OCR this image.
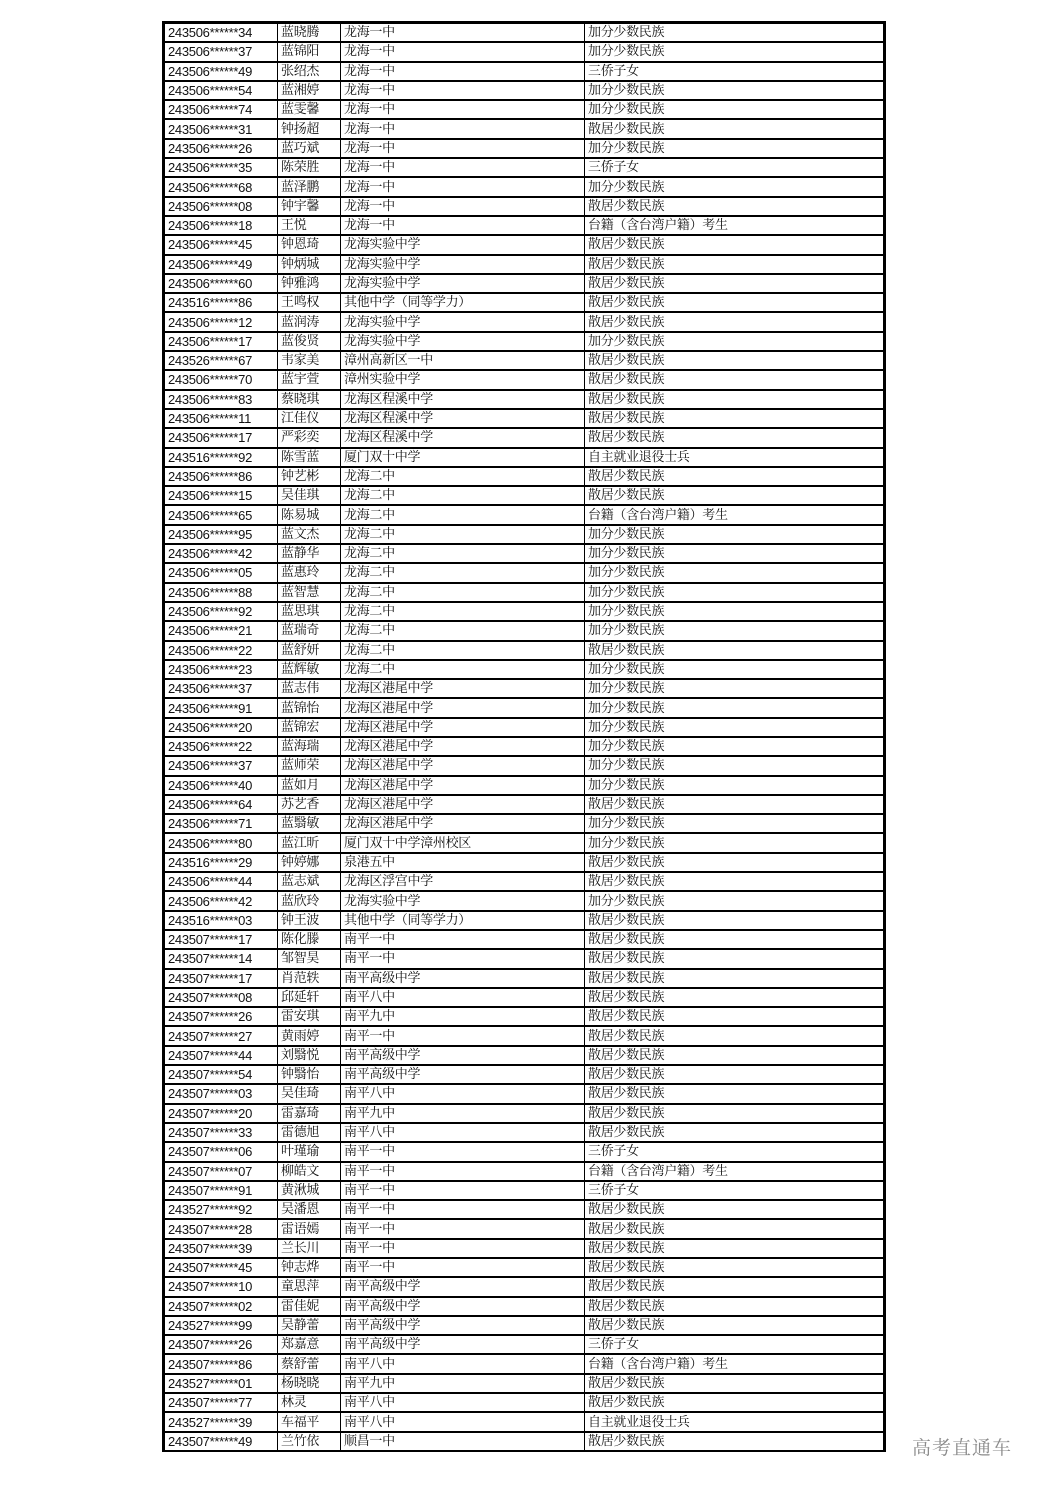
243506******34	蓝晓腾	龙海一中	加分少数民族
243506******37	蓝锦阳	龙海一中	加分少数民族
243506******49	张绍杰	龙海一中	三侨子女
243506******54	蓝湘婷	龙海一中	加分少数民族
243506******74	蓝雯馨	龙海一中	加分少数民族
243506******31	钟扬超	龙海一中	散居少数民族
243506******26	蓝巧斌	龙海一中	加分少数民族
243506******35	陈荣胜	龙海一中	三侨子女
243506******68	蓝泽鹏	龙海一中	加分少数民族
243506******08	钟宇馨	龙海一中	散居少数民族
243506******18	王悦	龙海一中	台籍（含台湾户籍）考生
243506******45	钟恩琦	龙海实验中学	散居少数民族
243506******49	钟炳城	龙海实验中学	散居少数民族
243506******60	钟雅鸿	龙海实验中学	散居少数民族
243516******86	王鸣权	其他中学（同等学力）	散居少数民族
243506******12	蓝润涛	龙海实验中学	散居少数民族
243506******17	蓝俊贤	龙海实验中学	加分少数民族
243526******67	韦家美	漳州高新区一中	散居少数民族
243506******70	蓝宇萱	漳州实验中学	散居少数民族
243506******83	蔡晓琪	龙海区程溪中学	散居少数民族
243506******11	江佳仪	龙海区程溪中学	散居少数民族
243506******17	严彩奕	龙海区程溪中学	散居少数民族
243516******92	陈雪蓝	厦门双十中学	自主就业退役士兵
243506******86	钟艺彬	龙海二中	散居少数民族
243506******15	吴佳琪	龙海二中	散居少数民族
243506******65	陈易城	龙海二中	台籍（含台湾户籍）考生
243506******95	蓝文杰	龙海二中	加分少数民族
243506******42	蓝静华	龙海二中	加分少数民族
243506******05	蓝惠玲	龙海二中	加分少数民族
243506******88	蓝智慧	龙海二中	加分少数民族
243506******92	蓝思琪	龙海二中	加分少数民族
243506******21	蓝瑞奇	龙海二中	加分少数民族
243506******22	蓝舒妍	龙海二中	散居少数民族
243506******23	蓝辉敏	龙海二中	加分少数民族
243506******37	蓝志伟	龙海区港尾中学	加分少数民族
243506******91	蓝锦怡	龙海区港尾中学	加分少数民族
243506******20	蓝锦宏	龙海区港尾中学	加分少数民族
243506******22	蓝海瑞	龙海区港尾中学	加分少数民族
243506******37	蓝师荣	龙海区港尾中学	加分少数民族
243506******40	蓝如月	龙海区港尾中学	加分少数民族
243506******64	苏艺香	龙海区港尾中学	散居少数民族
243506******71	蓝翳敏	龙海区港尾中学	加分少数民族
243506******80	蓝江昕	厦门双十中学漳州校区	加分少数民族
243516******29	钟婷娜	泉港五中	散居少数民族
243506******44	蓝志斌	龙海区浮宫中学	散居少数民族
243506******42	蓝欣玲	龙海实验中学	加分少数民族
243516******03	钟王波	其他中学（同等学力）	散居少数民族
243507******17	陈化滕	南平一中	散居少数民族
243507******14	邹智昊	南平一中	散居少数民族
243507******17	肖范轶	南平高级中学	散居少数民族
243507******08	邱延轩	南平八中	散居少数民族
243507******26	雷安琪	南平九中	散居少数民族
243507******27	黄雨婷	南平一中	散居少数民族
243507******44	刘翳悦	南平高级中学	散居少数民族
243507******54	钟翳怡	南平高级中学	散居少数民族
243507******03	吴佳琦	南平八中	散居少数民族
243507******20	雷嘉琦	南平九中	散居少数民族
243507******33	雷德旭	南平八中	散居少数民族
243507******06	叶瑾瑜	南平一中	三侨子女
243507******07	柳皓文	南平一中	台籍（含台湾户籍）考生
243507******91	黄湫城	南平一中	三侨子女
243527******92	吴潘恩	南平一中	散居少数民族
243507******28	雷语嫣	南平一中	散居少数民族
243507******39	兰长川	南平一中	散居少数民族
243507******45	钟志烨	南平一中	散居少数民族
243507******10	童思萍	南平高级中学	散居少数民族
243507******02	雷佳妮	南平高级中学	散居少数民族
243527******99	吴静蕾	南平高级中学	散居少数民族
243507******26	郑嘉意	南平高级中学	三侨子女
243507******86	蔡舒蕾	南平八中	台籍（含台湾户籍）考生
243527******01	杨晓晓	南平九中	散居少数民族
243507******77	林灵	南平八中	散居少数民族
243527******39	车福平	南平八中	自主就业退役士兵
243507******49	兰竹依	顺昌一中	散居少数民族	高考直通车
